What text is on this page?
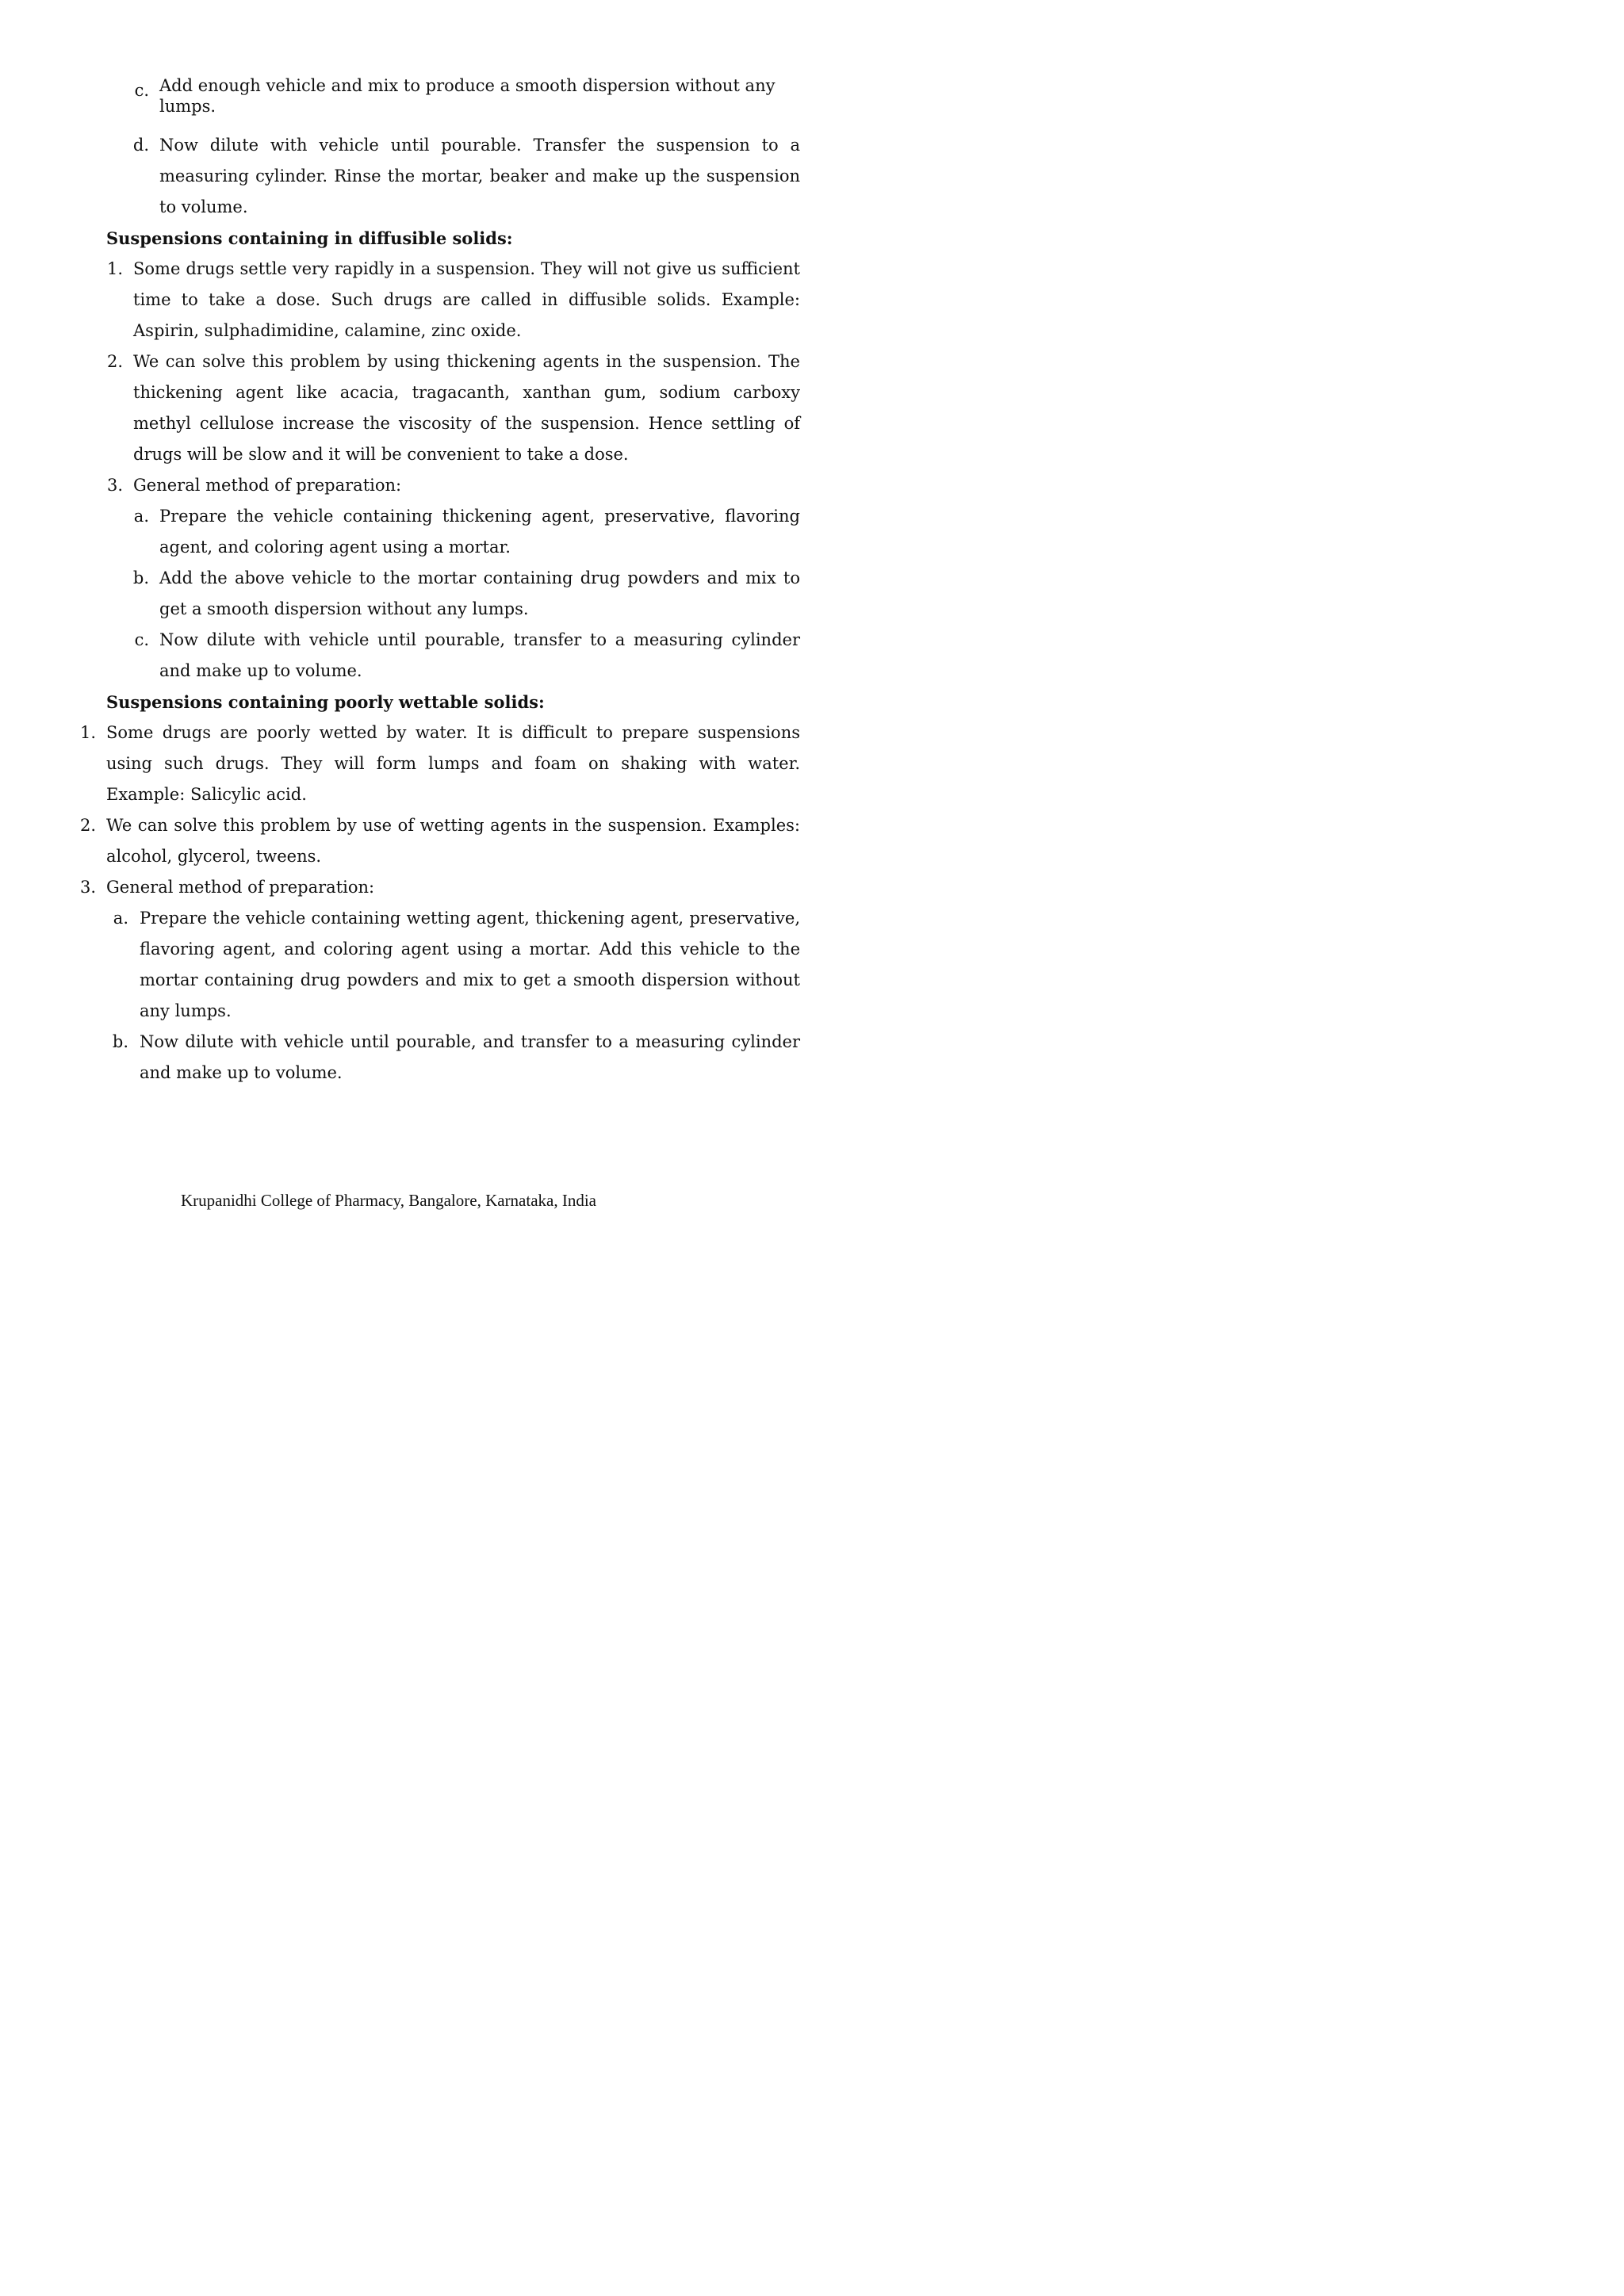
c. Add enough vehicle and mix to produce a smooth dispersion without any lumps.
d. Now dilute with vehicle until pourable. Transfer the suspension to a measuring cylinder. Rinse the mortar, beaker and make up the suspension to volume.
Suspensions containing in diffusible solids:
1. Some drugs settle very rapidly in a suspension. They will not give us sufficient time to take a dose. Such drugs are called in diffusible solids. Example: Aspirin, sulphadimidine, calamine, zinc oxide.
2. We can solve this problem by using thickening agents in the suspension. The thickening agent like acacia, tragacanth, xanthan gum, sodium carboxy methyl cellulose increase the viscosity of the suspension. Hence settling of drugs will be slow and it will be convenient to take a dose.
3. General method of preparation:
a. Prepare the vehicle containing thickening agent, preservative, flavoring agent, and coloring agent using a mortar.
b. Add the above vehicle to the mortar containing drug powders and mix to get a smooth dispersion without any lumps.
c. Now dilute with vehicle until pourable, transfer to a measuring cylinder and make up to volume.
Suspensions containing poorly wettable solids:
1. Some drugs are poorly wetted by water. It is difficult to prepare suspensions using such drugs. They will form lumps and foam on shaking with water. Example: Salicylic acid.
2. We can solve this problem by use of wetting agents in the suspension. Examples: alcohol, glycerol, tweens.
3. General method of preparation:
a. Prepare the vehicle containing wetting agent, thickening agent, preservative, flavoring agent, and coloring agent using a mortar. Add this vehicle to the mortar containing drug powders and mix to get a smooth dispersion without any lumps.
b. Now dilute with vehicle until pourable, and transfer to a measuring cylinder and make up to volume.
Krupanidhi College of Pharmacy, Bangalore, Karnataka, India
